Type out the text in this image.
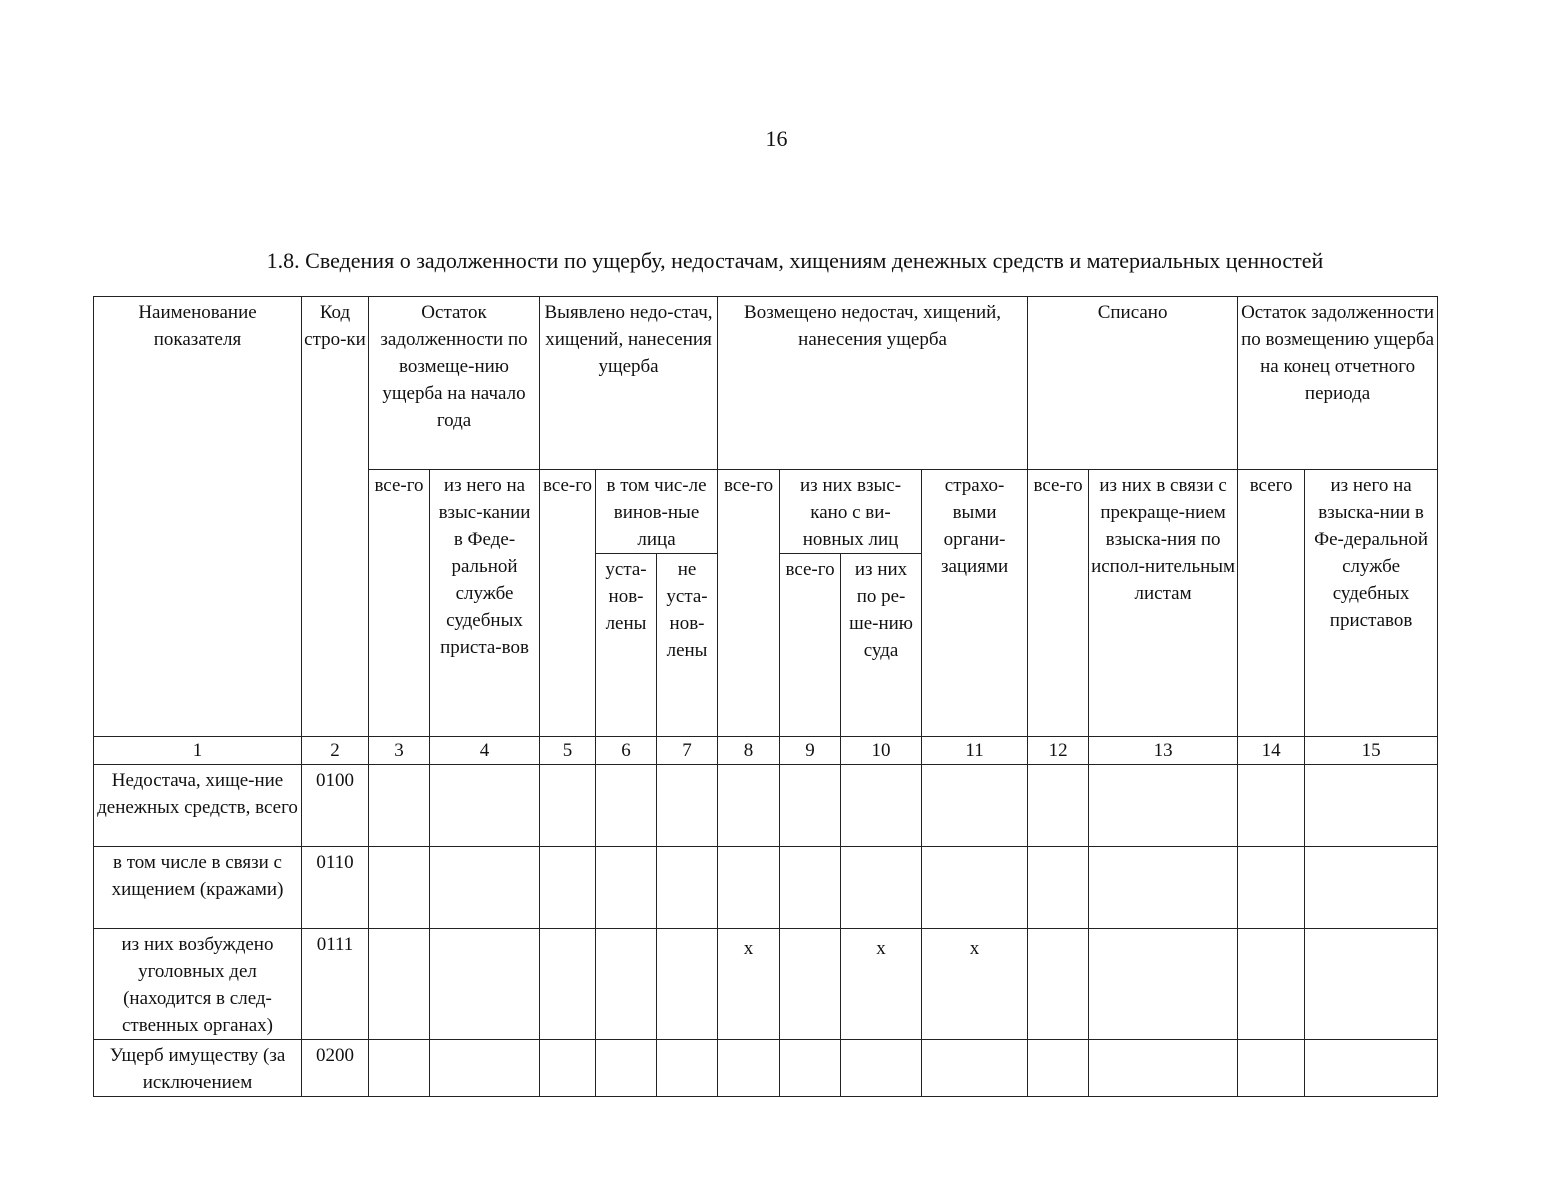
16
1.8. Сведения о задолженности по ущербу, недостачам, хищениям денежных средств и материальных ценностей
Наименование показателя	Код стро-ки	Остаток задолженности по возмеще-нию ущерба на начало года		Выявлено недо-стач, хищений, нанесения ущерба			Возмещено недостач, хищений, нанесения ущерба				Списано		Остаток задолженности по возмещению ущерба на конец отчетного периода	
		все-го	из него на взыс-кании в Феде-ральной службе судебных приста-вов	все-го	в том чис-ле винов-ные лица		все-го	из них взыс-кано с ви-новных лиц		страхо-выми органи-зациями	все-го	из них в связи с прекраще-нием взыска-ния по испол-нительным листам	всего	из него на взыска-нии в Фе-деральной службе судебных приставов
					уста-нов-лены	не уста-нов-лены		все-го	из них по ре-ше-нию суда					
1	2	3	4	5	6	7	8	9	10	11	12	13	14	15
Недостача, хище-ние денежных средств, всего	0100													
в том числе в связи с хищением (кражами)	0110													
из них возбуждено уголовных дел (находится в след-ственных органах)	0111						х		х	х				
Ущерб имуществу (за исключением	0200													
